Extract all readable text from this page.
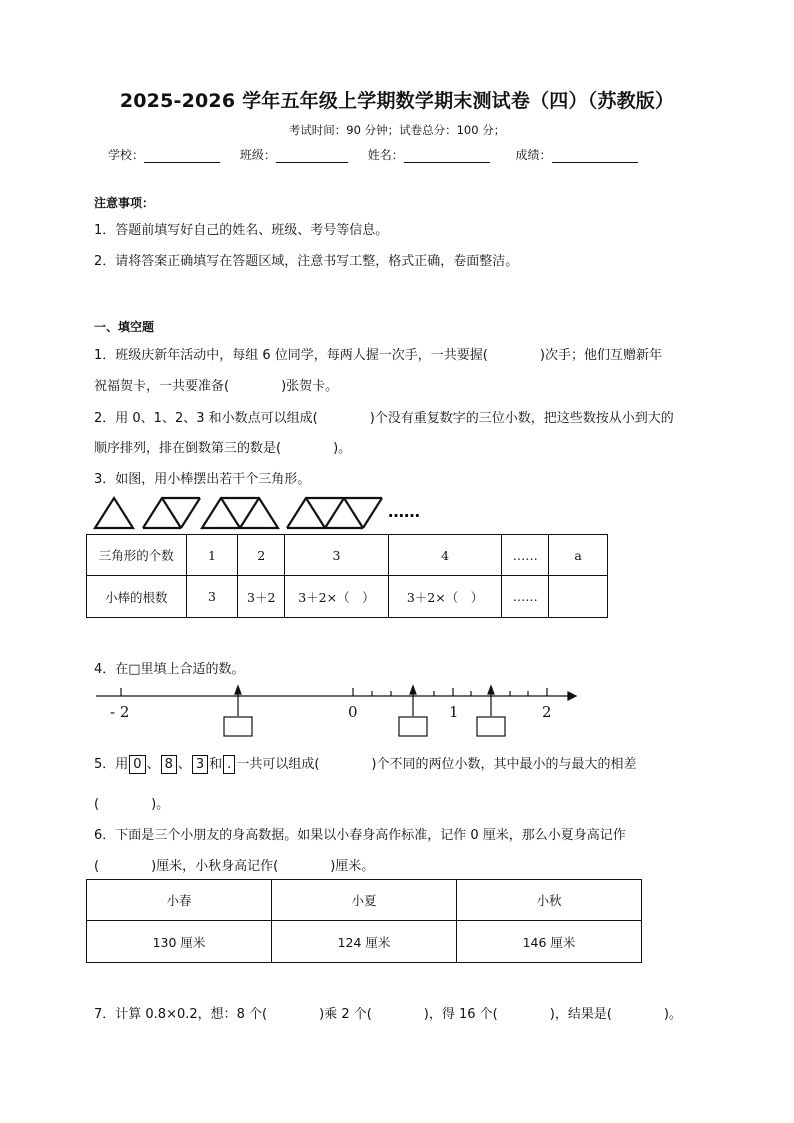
2025-2026 学年五年级上学期数学期末测试卷（四）（苏教版）
考试时间：90 分钟；试卷总分：100 分；
学校：	班级：	姓名：	成绩：
注意事项：
1．答题前填写好自己的姓名、班级、考号等信息。
2．请将答案正确填写在答题区域，注意书写工整，格式正确，卷面整洁。
一、填空题
1．班级庆新年活动中，每组 6 位同学，每两人握一次手，一共要握(　　　　)次手；他们互赠新年
祝福贺卡，一共要准备(　　　　)张贺卡。
2．用 0、1、2、3 和小数点可以组成(　　　　)个没有重复数字的三位小数，把这些数按从小到大的
顺序排列，排在倒数第三的数是(　　　　)。
3．如图，用小棒摆出若干个三角形。
……
三角形的个数	1	2	3	4	……	a
小棒的根数	3	3＋2	3＋2×（　）	3＋2×（　）	……	
4．在□里填上合适的数。
- 2	0	1	2
5．用 0 、 8 、 3 和 . 一共可以组成(　　　　)个不同的两位小数，其中最小的与最大的相差
(　　　　)。
6．下面是三个小朋友的身高数据。如果以小春身高作标准，记作 0 厘米，那么小夏身高记作
(　　　　)厘米，小秋身高记作(　　　　)厘米。
小春	小夏	小秋
130 厘米	124 厘米	146 厘米
7．计算 0.8×0.2，想：8 个(　　　　)乘 2 个(　　　　)，得 16 个(　　　　)，结果是(　　　　)。
